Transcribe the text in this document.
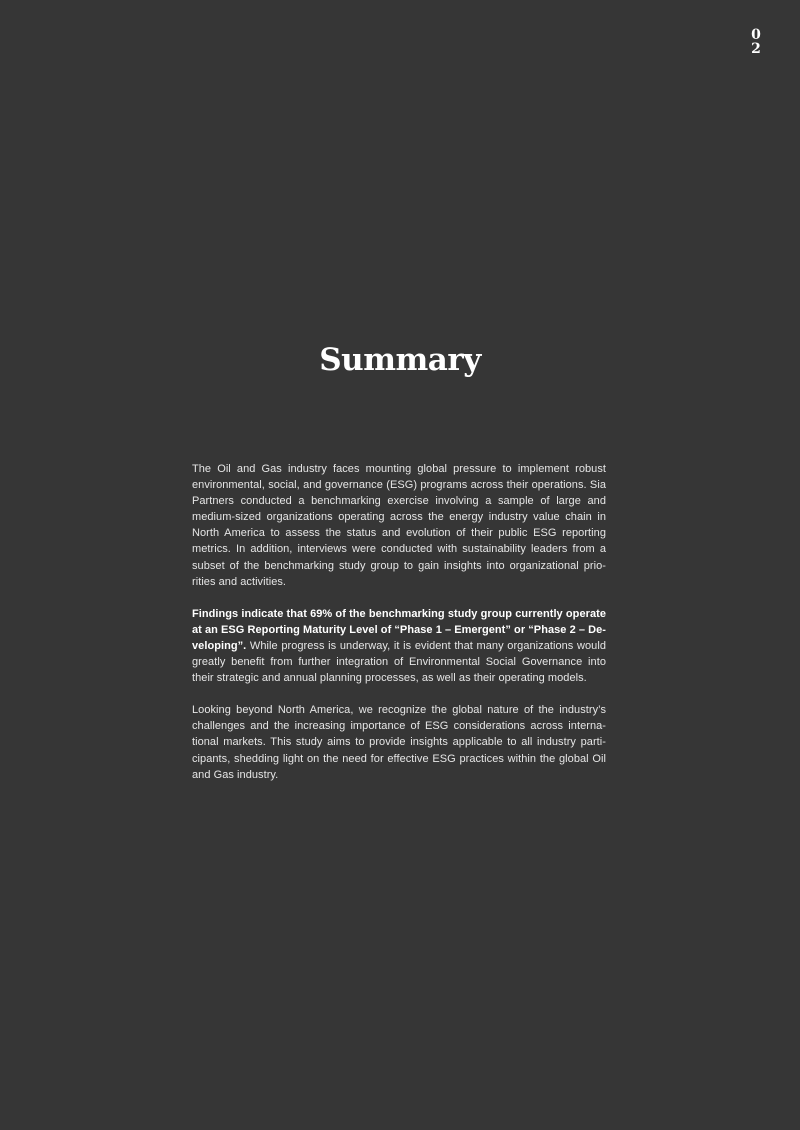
02
Summary

The Oil and Gas industry faces mounting global pressure to implement robust environmental, social, and governance (ESG) programs across their operations. Sia Partners conducted a benchmarking exercise involving a sample of large and medium-sized organizations operating across the energy industry value chain in North America to assess the status and evolution of their public ESG reporting metrics. In addition, interviews were conducted with sustainability leaders from a subset of the benchmarking study group to gain insights into organizational prio-rities and activities.

Findings indicate that 69% of the benchmarking study group currently operate at an ESG Reporting Maturity Level of “Phase 1 – Emergent” or “Phase 2 – De-veloping”. While progress is underway, it is evident that many organizations would greatly benefit from further integration of Environmental Social Governance into their strategic and annual planning processes, as well as their operating models.

Looking beyond North America, we recognize the global nature of the industry’s challenges and the increasing importance of ESG considerations across interna-tional markets. This study aims to provide insights applicable to all industry parti-cipants, shedding light on the need for effective ESG practices within the global Oil and Gas industry.
